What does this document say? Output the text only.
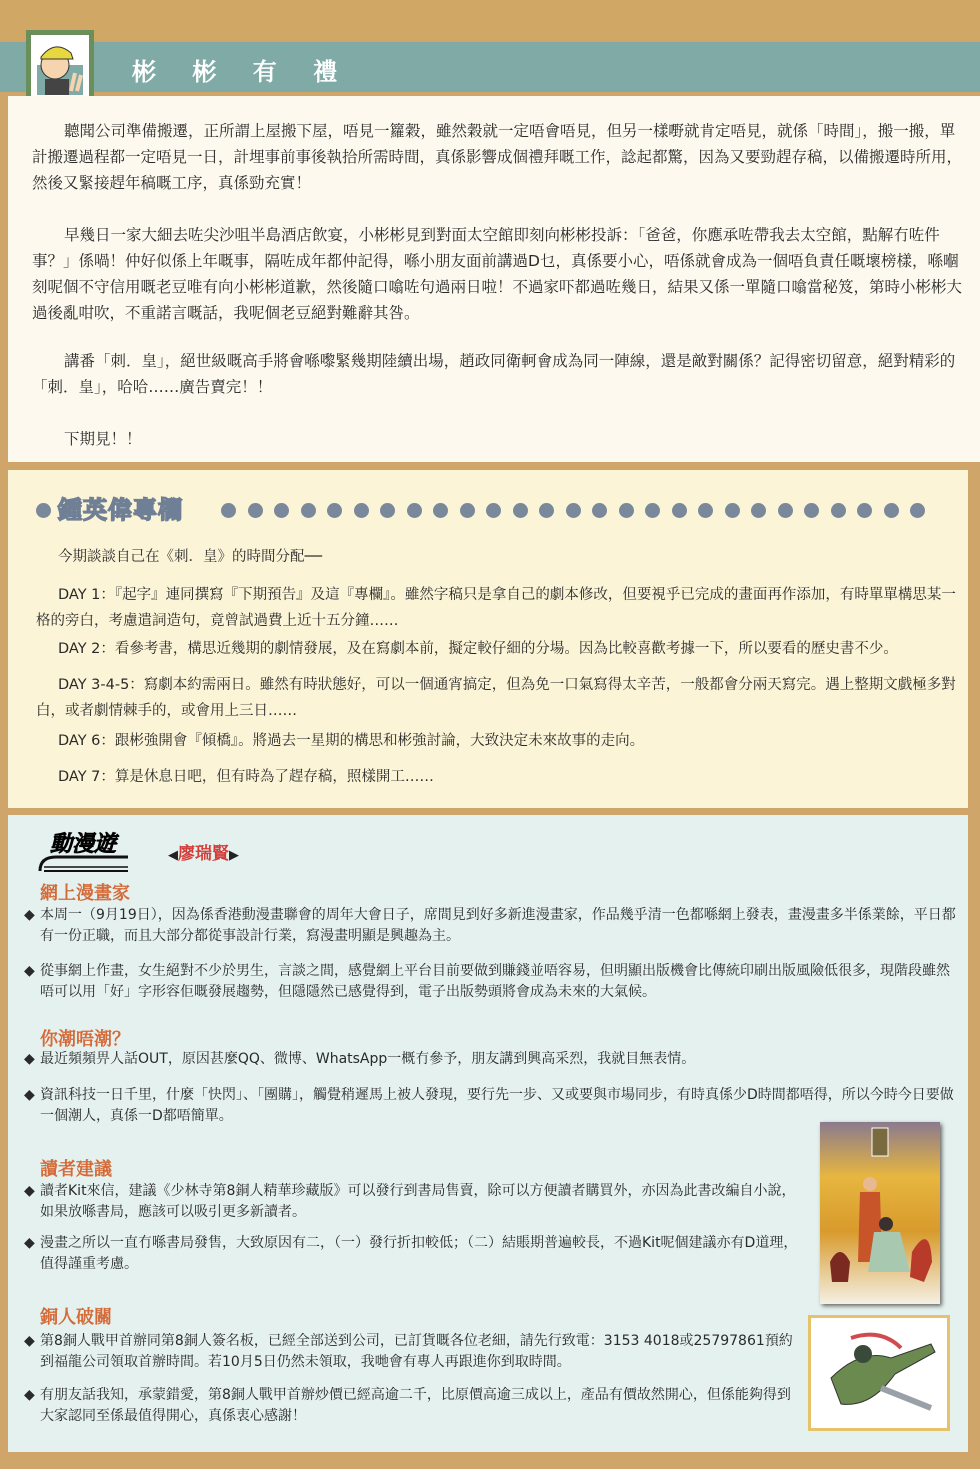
彬 彬 有 禮

聽聞公司準備搬遷，正所謂上屋搬下屋，唔見一籮穀，雖然穀就一定唔會唔見，但另一樣嘢就肯定唔見，就係「時間」，搬一搬，單計搬遷過程都一定唔見一日，計埋事前事後執拾所需時間，真係影響成個禮拜嘅工作，諗起都驚，因為又要勁趕存稿，以備搬遷時所用，然後又緊接趕年稿嘅工序，真係勁充實！

早幾日一家大細去咗尖沙咀半島酒店飲宴，小彬彬見到對面太空館即刻向彬彬投訴：「爸爸，你應承咗帶我去太空館，點解冇咗件事？」係喎！仲好似係上年嘅事，隔咗成年都仲記得，喺小朋友面前講過D乜，真係要小心，唔係就會成為一個唔負責任嘅壞榜樣，喺嗰刻呢個不守信用嘅老豆唯有向小彬彬道歉，然後隨口噏咗句過兩日啦！不過家吓都過咗幾日，結果又係一單隨口噏當秘笈，第時小彬彬大過後亂咁吹，不重諾言嘅話，我呢個老豆絕對難辭其咎。

講番「刺．皇」，絕世級嘅高手將會喺嚟緊幾期陸續出場，趙政同衛軻會成為同一陣線，還是敵對關係？記得密切留意，絕對精彩的「刺．皇」，哈哈……廣告賣完！！

下期見！！

鍾英偉專欄

今期談談自己在《刺．皇》的時間分配──

DAY 1：『起字』連同撰寫『下期預告』及這『專欄』。雖然字稿只是拿自己的劇本修改，但要視乎已完成的畫面再作添加，有時單單構思某一格的旁白，考慮遣詞造句，竟曾試過費上近十五分鐘……

DAY 2：看參考書，構思近幾期的劇情發展，及在寫劇本前，擬定較仔細的分場。因為比較喜歡考據一下，所以要看的歷史書不少。

DAY 3-4-5：寫劇本約需兩日。雖然有時狀態好，可以一個通宵搞定，但為免一口氣寫得太辛苦，一般都會分兩天寫完。遇上整期文戲極多對白，或者劇情棘手的，或會用上三日……

DAY 6：跟彬強開會『傾橋』。將過去一星期的構思和彬強討論，大致決定未來故事的走向。

DAY 7：算是休息日吧，但有時為了趕存稿，照樣開工……

動漫遊	◀廖瑞賢▶
網上漫畫家

◆ 本周一（9月19日），因為係香港動漫畫聯會的周年大會日子，席間見到好多新進漫畫家，作品幾乎清一色都喺網上發表，畫漫畫多半係業餘，平日都有一份正職，而且大部分都從事設計行業，寫漫畫明顯是興趣為主。

◆ 從事網上作畫，女生絕對不少於男生，言談之間，感覺網上平台目前要做到賺錢並唔容易，但明顯出版機會比傳統印刷出版風險低很多，現階段雖然唔可以用「好」字形容佢嘅發展趨勢，但隱隱然已感覺得到，電子出版勢頭將會成為未來的大氣候。

你潮唔潮？

◆ 最近頻頻畀人話OUT，原因甚麼QQ、微博、WhatsApp一概冇參予，朋友講到興高采烈，我就目無表情。

◆ 資訊科技一日千里，什麼「快閃」、「團購」，觸覺稍遲馬上被人發現，要行先一步、又或要與市場同步，有時真係少D時間都唔得，所以今時今日要做一個潮人，真係一D都唔簡單。

讀者建議

◆ 讀者Kit來信，建議《少林寺第8銅人精華珍藏版》可以發行到書局售賣，除可以方便讀者購買外，亦因為此書改編自小說，如果放喺書局，應該可以吸引更多新讀者。

◆ 漫畫之所以一直冇喺書局發售，大致原因有二，（一）發行折扣較低；（二）結賬期普遍較長，不過Kit呢個建議亦有D道理，值得謹重考慮。

銅人破關

◆ 第8銅人戰甲首辦同第8銅人簽名板，已經全部送到公司，已訂貨嘅各位老細，請先行致電：3153 4018或25797861預約到福龍公司領取首辦時間。若10月5日仍然未領取，我哋會有專人再跟進你到取時間。

◆ 有朋友話我知，承蒙錯愛，第8銅人戰甲首辦炒價已經高逾二千，比原價高逾三成以上，產品有價故然開心，但係能夠得到大家認同至係最值得開心，真係衷心感謝！
